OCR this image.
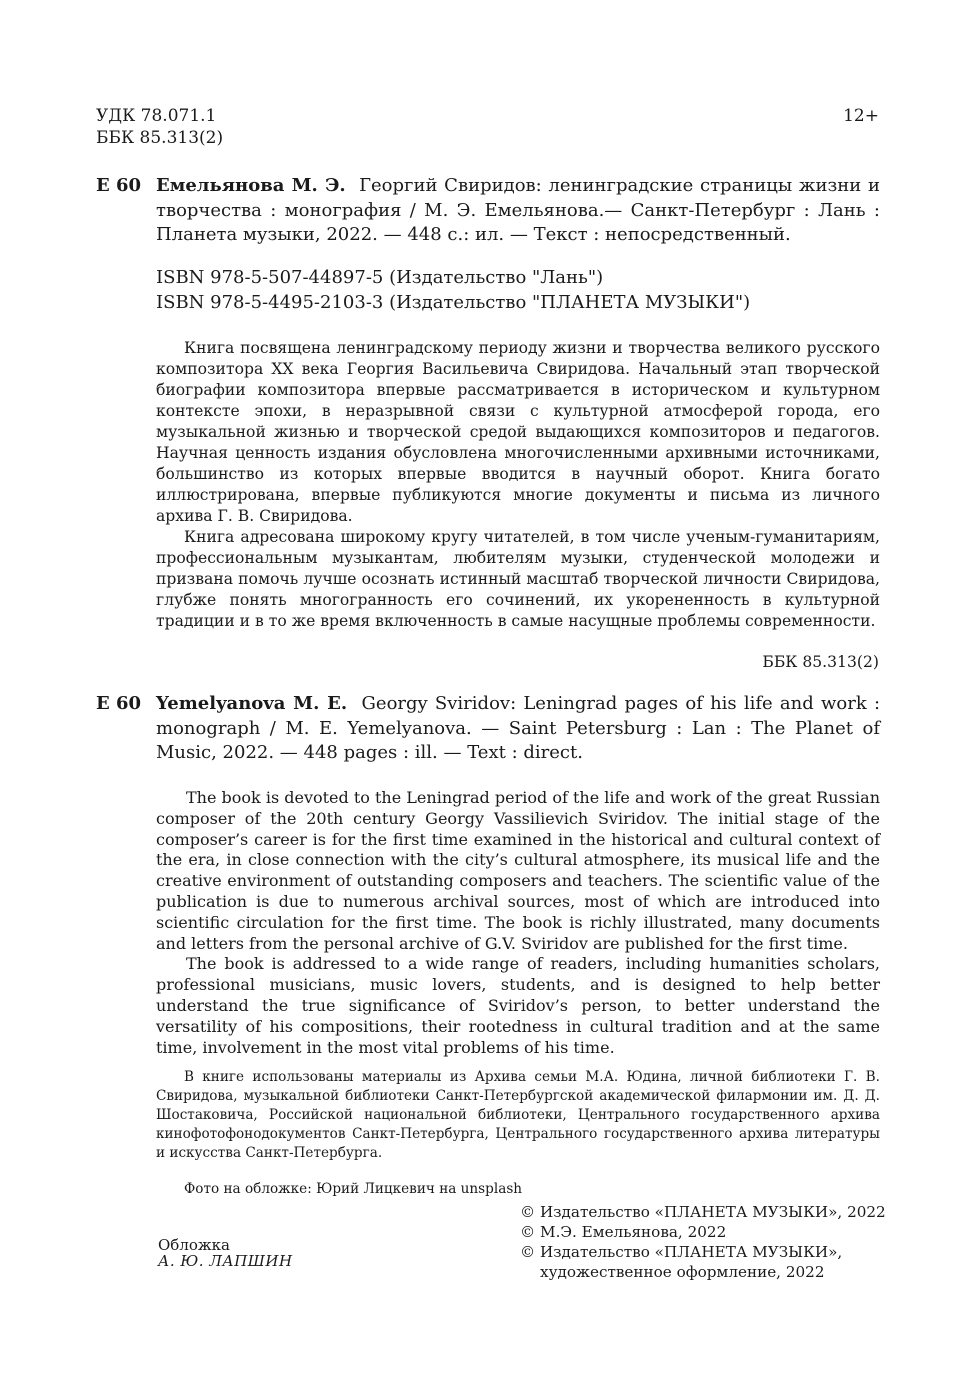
УДК 78.071.1
ББК 85.313(2)
12+
Е 60 Емельянова М. Э. Георгий Свиридов: ленинградские страницы жизни и творчества : монография / М. Э. Емельянова.— Санкт-Петербург : Лань : Планета музыки, 2022. — 448 с.: ил. — Текст : непосредственный.
ISBN 978-5-507-44897-5 (Издательство "Лань")
ISBN 978-5-4495-2103-3 (Издательство "ПЛАНЕТА МУЗЫКИ")

Книга посвящена ленинградскому периоду жизни и творчества великого русского композитора XX века Георгия Васильевича Свиридова. Начальный этап творческой биографии композитора впервые рассматривается в историческом и культурном контексте эпохи, в неразрывной связи с культурной атмосферой города, его музыкальной жизнью и творческой средой выдающихся композиторов и педагогов. Научная ценность издания обусловлена многочисленными архивными источниками, большинство из которых впервые вводится в научный оборот. Книга богато иллюстрирована, впервые публикуются многие документы и письма из личного архива Г. В. Свиридова.

Книга адресована широкому кругу читателей, в том числе ученым-гуманитариям, профессиональным музыкантам, любителям музыки, студенческой молодежи и призвана помочь лучше осознать истинный масштаб творческой личности Свиридова, глубже понять многогранность его сочинений, их укорененность в культурной традиции и в то же время включенность в самые насущные проблемы современности.

ББК 85.313(2)
Е 60 Yemelyanova M. E. Georgy Sviridov: Leningrad pages of his life and work : monograph / M. E. Yemelyanova. — Saint Petersburg : Lan : The Planet of Music, 2022. — 448 pages : ill. — Text : direct.

The book is devoted to the Leningrad period of the life and work of the great Russian composer of the 20th century Georgy Vassilievich Sviridov. The initial stage of the composer’s career is for the first time examined in the historical and cultural context of the era, in close connection with the city’s cultural atmosphere, its musical life and the creative environment of outstanding composers and teachers. The scientific value of the publication is due to numerous archival sources, most of which are introduced into scientific circulation for the first time. The book is richly illustrated, many documents and letters from the personal archive of G.V. Sviridov are published for the first time.

The book is addressed to a wide range of readers, including humanities scholars, professional musicians, music lovers, students, and is designed to help better understand the true significance of Sviridov’s person, to better understand the versatility of his compositions, their rootedness in cultural tradition and at the same time, involvement in the most vital problems of his time.

В книге использованы материалы из Архива семьи М.А. Юдина, личной библиотеки Г. В. Свиридова, музыкальной библиотеки Санкт-Петербургской академической филармонии им. Д. Д. Шостаковича, Российской национальной библиотеки, Центрального государственного архива кинофотофонодокументов Санкт-Петербурга, Центрального государственного архива литературы и искусства Санкт-Петербурга.

Фото на обложке: Юрий Лицкевич на unsplash
Обложка
А. Ю. ЛАПШИН
© Издательство «ПЛАНЕТА МУЗЫКИ», 2022
© М.Э. Емельянова, 2022
© Издательство «ПЛАНЕТА МУЗЫКИ»,
художественное оформление, 2022
